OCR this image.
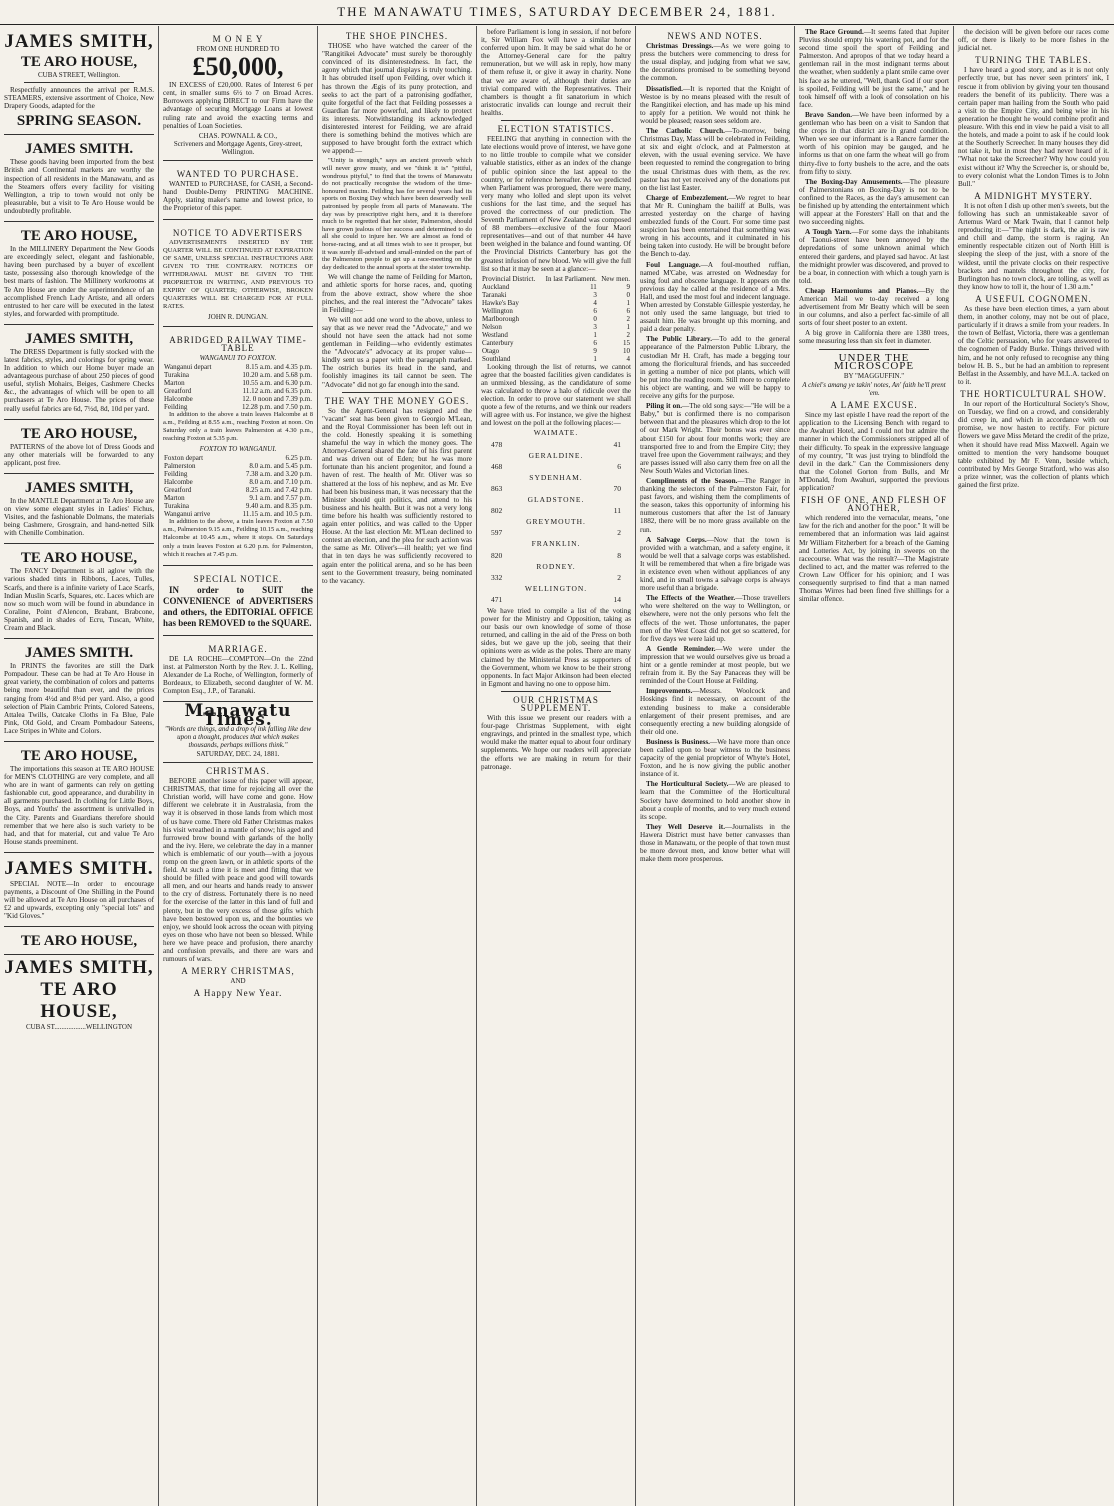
THE MANAWATU TIMES, SATURDAY DECEMBER 24, 1881.
JAMES SMITH,
TE ARO HOUSE,
CUBA STREET, Wellington.

Respectfully announces the arrival per R.M.S. STEAMERS, extensive assortment of Choice, New Drapery Goods, adapted for the

SPRING SEASON.
JAMES SMITH.

These goods having been imported from the best British and Continental markets are worthy the inspection of all residents in the Manawatu, and as the Steamers offers every facility for visiting Wellington, a trip to town would not only be pleasurable, but a visit to Te Aro House would be undoubtedly profitable.

TE ARO HOUSE,

In the MILLINERY Department the New Goods are exceedingly select, elegant and fashionable, having been purchased by a buyer of excellent taste, possessing also thorough knowledge of the best marts of fashion. The Millinery workrooms at Te Aro House are under the superintendence of an accomplished French Lady Artiste, and all orders entrusted to her care will be executed in the latest styles, and forwarded with promptitude.

JAMES SMITH,

The DRESS Department is fully stocked with the latest fabrics, styles, and colorings for spring wear. In addition to which our Home buyer made an advantageous purchase of about 250 pieces of good useful, stylish Mohairs, Beiges, Cashmere Checks &c., the advantages of which will be open to all purchasers at Te Aro House. The prices of these really useful fabrics are 6d, 7½d, 8d, 10d per yard.

TE ARO HOUSE,

PATTERNS of the above lot of Dress Goods and any other materials will be forwarded to any applicant, post free.

JAMES SMITH,

In the MANTLE Department at Te Aro House are on view some elegant styles in Ladies' Fichus, Visites, and the fashionable Dolmans, the materials being Cashmere, Grosgrain, and hand-netted Silk with Chenille Combination.

TE ARO HOUSE,

The FANCY Department is all aglow with the various shaded tints in Ribbons, Laces, Tulles, Scarfs, and there is a infinite variety of Lace Scarfs, Indian Muslin Scarfs, Squares, etc. Laces which are now so much worn will be found in abundance in Coraline, Point d'Alencon, Brabant, Brabcone, Spanish, and in shades of Ecru, Tuscan, White, Cream and Black.

JAMES SMITH.

In PRINTS the favorites are still the Dark Pompadour. These can be had at Te Aro House in great variety, the combination of colors and patterns being more beautiful than ever, and the prices ranging from 4½d and 8½d per yard. Also, a good selection of Plain Cambric Prints, Colored Sateens, Attalea Twills, Oatcake Cloths in Fa Blue, Pale Pink, Old Gold, and Cream Pombadour Sateens, Lace Stripes in White and Colors.

TE ARO HOUSE,

The importations this season at TE ARO HOUSE for MEN'S CLOTHING are very complete, and all who are in want of garments can rely on getting fashionable cut, good appearance, and durability in all garments purchased. In clothing for Little Boys, Boys, and Youths' the assortment is unrivalled in the City. Parents and Guardians therefore should remember that we here also is such variety to be had, and that for material, cut and value Te Aro House stands preeminent.

JAMES SMITH.

SPECIAL NOTE—In order to encourage payments, a Discount of One Shilling in the Pound will be allowed at Te Aro House on all purchases of £2 and upwards, excepting only "special lots" and "Kid Gloves."

TE ARO HOUSE,
JAMES SMITH,
TE ARO HOUSE,
CUBA ST..................WELLINGTON
M O N E Y
FROM ONE HUNDRED TO
£50,000,

IN EXCESS of £20,000. Rates of Interest 6 per cent, in smaller sums 6½ to 7 on Broad Acres. Borrowers applying DIRECT to our Firm have the advantage of securing Mortgage Loans at lowest ruling rate and avoid the exacting terms and penalties of Loan Societies.

CHAS. POWNALL & CO.,
Scriveners and Mortgage Agents, Grey-street, Wellington.
WANTED TO PURCHASE.

WANTED to PURCHASE, for CASH, a Second-hand Double-Demy PRINTING MACHINE. Apply, stating maker's name and lowest price, to the Proprietor of this paper.

NOTICE TO ADVERTISERS

ADVERTISEMENTS INSERTED BY THE QUARTER WILL BE CONTINUED AT EXPIRATION OF SAME, UNLESS SPECIAL INSTRUCTIONS ARE GIVEN TO THE CONTRARY. NOTICES OF WITHDRAWAL MUST BE GIVEN TO THE PROPRIETOR IN WRITING, AND PREVIOUS TO EXPIRY OF QUARTER; OTHERWISE, BROKEN QUARTERS WILL BE CHARGED FOR AT FULL RATES.

JOHN R. DUNGAN.
ABRIDGED RAILWAY TIME-TABLE
WANGANUI TO FOXTON.
Wanganui depart	8.15 a.m. and 4.35 p.m.
Turakina	10.20 a.m. and 5.68 p.m.
Marton	10.55 a.m. and 6.30 p.m.
Greatford	11.12 a.m. and 6.35 p.m.
Halcombe	12. 0 noon and 7.39 p.m.
Feilding	12.28 p.m. and 7.50 p.m.

In addition to the above a train leaves Halcombe at 8 a.m., Feilding at 8.55 a.m., reaching Foxton at noon. On Saturday only a train leaves Palmerston at 4.30 p.m., reaching Foxton at 5.35 p.m.

FOXTON TO WANGANUI.
Foxton depart	6.25 p.m.
Palmerston	8.0 a.m. and 5.45 p.m.
Feilding	7.38 a.m. and 3.20 p.m.
Halcombe	8.0 a.m. and 7.10 p.m.
Greatford	8.25 a.m. and 7.42 p.m.
Marton	9.1 a.m. and 7.57 p.m.
Turakina	9.40 a.m. and 8.35 p.m.
Wanganui arrive	11.15 a.m. and 10.5 p.m.

In addition to the above, a train leaves Foxton at 7.50 a.m., Palmerston 9.15 a.m., Feilding 10.15 a.m., reaching Halcombe at 10.45 a.m., where it stops. On Saturdays only a train leaves Foxton at 6.20 p.m. for Palmerston, which it reaches at 7.45 p.m.

SPECIAL NOTICE.

IN order to SUIT the CONVENIENCE of ADVERTISERS and others, the EDITORIAL OFFICE has been REMOVED to the SQUARE.

MARRIAGE.

DE LA ROCHE—COMPTON—On the 22nd inst. at Palmerston North by the Rev. J. L. Kelling, Alexander de La Roche, of Wellington, formerly of Bordeaux, to Elizabeth, second daughter of W. M. Compton Esq., J.P., of Taranaki.

Manawatu Times.
"Words are things, and a drop of ink falling like dew upon a thought, produces that which makes thousands, perhaps millions think."
SATURDAY, DEC. 24, 1881.
CHRISTMAS.

BEFORE another issue of this paper will appear, CHRISTMAS, that time for rejoicing all over the Christian world, will have come and gone. How different we celebrate it in Australasia, from the way it is observed in those lands from which most of us have come. There old Father Christmas makes his visit wreathed in a mantle of snow; his aged and furrowed brow bound with garlands of the holly and the ivy. Here, we celebrate the day in a manner which is emblematic of our youth—with a joyous romp on the green lawn, or in athletic sports of the field. At such a time it is meet and fitting that we should be filled with peace and good will towards all men, and our hearts and hands ready to answer to the cry of distress. Fortunately there is no need for the exercise of the latter in this land of full and plenty, but in the very excess of those gifts which have been bestowed upon us, and the bounties we enjoy, we should look across the ocean with pitying eyes on those who have not been so blessed. While here we have peace and profusion, there anarchy and confusion prevails, and there are wars and rumours of wars.

A MERRY CHRISTMAS,
AND
A Happy New Year.
THE SHOE PINCHES.

THOSE who have watched the career of the "Rangitikei Advocate" must surely be thoroughly convinced of its disinterestedness. In fact, the agony which that journal displays is truly touching. It has obtruded itself upon Feilding, over which it has thrown the Ægis of its puny protection, and seeks to act the part of a patronising godfather, quite forgetful of the fact that Feilding possesses a Guardian far more powerful, and likely to protect its interests. Notwithstanding its acknowledged disinterested interest for Feilding, we are afraid there is something behind the motives which are supposed to have brought forth the extract which we append:—

"Unity is strength," says an ancient proverb which will never grow musty, and we "think it is" "pitiful, wondrous pityful," to find that the towns of Manawatu do not practically recognise the wisdom of the time-honoured maxim. Feilding has for several years had its sports on Boxing Day which have been deservedly well patronised by people from all parts of Manawatu. The day was by prescriptive right hers, and it is therefore much to be regretted that her sister, Palmerston, should have grown jealous of her success and determined to do all she could to injure her. We are almost as fond of horse-racing, and at all times wish to see it prosper, but it was surely ill-advised and small-minded on the part of the Palmerston people to get up a race-meeting on the day dedicated to the annual sports at the sister township.

We will change the name of Feilding for Marton, and athletic sports for horse races, and, quoting from the above extract, show where the shoe pinches, and the real interest the "Advocate" takes in Feilding:—

We will not add one word to the above, unless to say that as we never read the "Advocate," and we should not have seen the attack had not some gentleman in Feilding—who evidently estimates the "Advocate's" advocacy at its proper value—kindly sent us a paper with the paragraph marked. The ostrich buries its head in the sand, and foolishly imagines its tail cannot be seen. The "Advocate" did not go far enough into the sand.

THE WAY THE MONEY GOES.

So the Agent-General has resigned and the "vacant" seat has been given to Georgio M'Lean, and the Royal Commissioner has been left out in the cold. Honestly speaking it is something shameful the way in which the money goes. The Attorney-General shared the fate of his first parent and was driven out of Eden; but he was more fortunate than his ancient progenitor, and found a haven of rest. The health of Mr. Oliver was so shattered at the loss of his nephew, and as Mr. Eve had been his business man, it was necessary that the Minister should quit politics, and attend to his business and his health. But it was not a very long time before his health was sufficiently restored to again enter politics, and was called to the Upper House. At the last election Mr. M'Lean declined to contest an election, and the plea for such action was the same as Mr. Oliver's—ill health; yet we find that in ten days he was sufficiently recovered to again enter the political arena, and so he has been sent to the Government treasury, being nominated to the vacancy.

before Parliament is long in session, if not before it, Sir William Fox will have a similar honor conferred upon him. It may be said what do he or the Attorney-General care for the paltry remuneration, but we will ask in reply, how many of them refuse it, or give it away in charity. None that we are aware of, although their duties are trivial compared with the Representatives. Their chambers is thought a fit sanatorium in which aristocratic invalids can lounge and recruit their healths.

ELECTION STATISTICS.

FEELING that anything in connection with the late elections would prove of interest, we have gone to no little trouble to compile what we consider valuable statistics, either as an index of the change of public opinion since the last appeal to the country, or for reference hereafter. As we predicted when Parliament was prorogued, there were many, very many who lolled and slept upon its velvet cushions for the last time, and the sequel has proved the correctness of our prediction. The Seventh Parliament of New Zealand was composed of 88 members—exclusive of the four Maori representatives—and out of that number 44 have been weighed in the balance and found wanting. Of the Provincial Districts Canterbury has got the greatest infusion of new blood. We will give the full list so that it may be seen at a glance:—

Provincial District.	In last Parliament.	New men.
Auckland	11	9
Taranaki	3	0
Hawke's Bay	4	1
Wellington	6	6
Marlborough	0	2
Nelson	3	1
Westland	1	2
Canterbury	6	15
Otago	9	10
Southland	1	4

Looking through the list of returns, we cannot agree that the boasted facilities given candidates is an unmixed blessing, as the candidature of some was calculated to throw a halo of ridicule over the election. In order to prove our statement we shall quote a few of the returns, and we think our readers will agree with us. For instance, we give the highest and lowest on the poll at the following places:—

WAIMATE.
478	41
GERALDINE.
468	6
SYDENHAM.
863	70
GLADSTONE.
802	11
GREYMOUTH.
597	2
FRANKLIN.
820	8
RODNEY.
332	2
WELLINGTON.
471	14

We have tried to compile a list of the voting power for the Ministry and Opposition, taking as our basis our own knowledge of some of those returned, and calling in the aid of the Press on both sides, but we gave up the job, seeing that their opinions were as wide as the poles. There are many claimed by the Ministerial Press as supporters of the Government, whom we know to be their strong opponents. In fact Major Atkinson had been elected in Egmont and having no one to oppose him.

OUR CHRISTMAS SUPPLEMENT.

With this issue we present our readers with a four-page Christmas Supplement, with eight engravings, and printed in the smallest type, which would make the matter equal to about four ordinary supplements. We hope our readers will appreciate the efforts we are making in return for their patronage.

NEWS AND NOTES.

Christmas Dressings.—As we were going to press the butchers were commencing to dress for the usual display, and judging from what we saw, the decorations promised to be something beyond the common.

Dissatisfied.—It is reported that the Knight of Westoe is by no means pleased with the result of the Rangitikei election, and has made up his mind to apply for a petition. We would not think he would be pleased; reason sees seldom are.

The Catholic Church.—To-morrow, being Christmas Day, Mass will be celebrated in Feilding, at six and eight o'clock, and at Palmerston at eleven, with the usual evening service. We have been requested to remind the congregation to bring the usual Christmas dues with them, as the rev. pastor has not yet received any of the donations put on the list last Easter.

Charge of Embezzlement.—We regret to hear that Mr R. Cuningham the bailiff at Bulls, was arrested yesterday on the charge of having embezzled funds of the Court. For some time past suspicion has been entertained that something was wrong in his accounts, and it culminated in his being taken into custody. He will be brought before the Bench to-day.

Foul Language.—A foul-mouthed ruffian, named M'Cabe, was arrested on Wednesday for using foul and obscene language. It appears on the previous day he called at the residence of a Mrs. Hall, and used the most foul and indecent language. When arrested by Constable Gillespie yesterday, he not only used the same language, but tried to assault him. He was brought up this morning, and paid a dear penalty.

The Public Library.—To add to the general appearance of the Palmerston Public Library, the custodian Mr H. Craft, has made a begging tour among the floricultural friends, and has succeeded in getting a number of nice pot plants, which will be put into the reading room. Still more to complete his object are wanting, and we will be happy to receive any gifts for the purpose.

Piling it on.—The old song says:—"He will be a Baby," but is confirmed there is no comparison between that and the pleasures which drop to the lot of our Mark Wright. Their bonus was ever since about £150 for about four months work; they are transported free to and from the Empire City; they travel free upon the Government railways; and they are passes issued will also carry them free on all the New South Wales and Victorian lines.

Compliments of the Season.—The Ranger in thanking the selectors of the Palmerston Fair, for past favors, and wishing them the compliments of the season, takes this opportunity of informing his numerous customers that after the 1st of January 1882, there will be no more grass available on the run.

A Salvage Corps.—Now that the town is provided with a watchman, and a safety engine, it would be well that a salvage corps was established. It will be remembered that when a fire brigade was in existence even when without appliances of any kind, and in small towns a salvage corps is always more useful than a brigade.

The Effects of the Weather.—Those travellers who were sheltered on the way to Wellington, or elsewhere, were not the only persons who felt the effects of the wet. Those unfortunates, the paper men of the West Coast did not get so scattered, for for five days we were laid up.

A Gentle Reminder.—We were under the impression that we would ourselves give us broad a hint or a gentle reminder at most people, but we refrain from it. By the Say Panaceas they will be reminded of the Court House at Feilding.

Improvements.—Messrs. Woolcock and Hoskings find it necessary, on account of the extending business to make a considerable enlargement of their present premises, and are consequently erecting a new building alongside of their old one.

Business is Business.—We have more than once been called upon to bear witness to the business capacity of the genial proprietor of Whyte's Hotel, Foxton, and he is now giving the public another instance of it.

The Horticultural Society.—We are pleased to learn that the Committee of the Horticultural Society have determined to hold another show in about a couple of months, and to very much extend its scope.

They Well Deserve it.—Journalists in the Hawera District must have better canvasses than those in Manawatu, or the people of that town must be more devout men, and know better what will make them more prosperous.

The Race Ground.—It seems fated that Jupiter Pluvius should empty his watering pot, and for the second time spoil the sport of Feilding and Palmerston. And apropos of that we today heard a gentleman rail in the most indignant terms about the weather, when suddenly a plant smile came over his face as he uttered, "Well, thank God if our sport is spoiled, Feilding will be just the same," and he took himself off with a look of consolation on his face.

Bravo Sandon.—We have been informed by a gentleman who has been on a visit to Sandon that the crops in that district are in grand condition. When we see our informant is a Rancre farmer the worth of his opinion may be gauged, and he informs us that on one farm the wheat will go from thirty-five to forty bushels to the acre, and the oats from fifty to sixty.

The Boxing-Day Amusements.—The pleasure of Palmerstonians on Boxing-Day is not to be confined to the Races, as the day's amusement can be finished up by attending the entertainment which will appear at the Foresters' Hall on that and the two succeeding nights.

A Tough Yarn.—For some days the inhabitants of Taonui-street have been annoyed by the depredations of some unknown animal which entered their gardens, and played sad havoc. At last the midnight prowler was discovered, and proved to be a boar, in connection with which a tough yarn is told.

Cheap Harmoniums and Pianos.—By the American Mail we to-day received a long advertisement from Mr Beatty which will be seen in our columns, and also a perfect fac-simile of all sorts of four sheet poster to an extent.

A big grove in California there are 1380 trees, some measuring less than six feet in diameter.

UNDER THE MICROSCOPE
BY "MAGGUFFIN."
A chiel's amang ye takin' notes, An' faith he'll prent 'em.
A LAME EXCUSE.

Since my last epistle I have read the report of the application to the Licensing Bench with regard to the Awahuri Hotel, and I could not but admire the manner in which the Commissioners stripped all of their difficulty. To speak in the expressive language of my country, "It was just trying to blindfold the devil in the dark." Can the Commissioners deny that the Colonel Gorton from Bulls, and Mr M'Donald, from Awahuri, supported the previous application?

FISH OF ONE, AND FLESH OF ANOTHER,

which rendered into the vernacular, means, "one law for the rich and another for the poor." It will be remembered that an information was laid against Mr William Fitzherbert for a breach of the Gaming and Lotteries Act, by joining in sweeps on the racecourse. What was the result?—The Magistrate declined to act, and the matter was referred to the Crown Law Officer for his opinion; and I was consequently surprised to find that a man named Thomas Wirres had been fined five shillings for a similar offence.

the decision will be given before our races come off, or there is likely to be more fishes in the judicial net.

TURNING THE TABLES.

I have heard a good story, and as it is not only perfectly true, but has never seen printers' ink, I rescue it from oblivion by giving your ten thousand readers the benefit of its publicity. There was a certain paper man hailing from the South who paid a visit to the Empire City, and being wise in his generation he thought he would combine profit and pleasure. With this end in view he paid a visit to all the hotels, and made a point to ask if he could look at the Southerly Screecher. In many houses they did not take it, but in most they had never heard of it. "What not take the Screecher? Why how could you exist without it? Why the Screecher is, or should be, to every colonist what the London Times is to John Bull."

A MIDNIGHT MYSTERY.

It is not often I dish up other men's sweets, but the following has such an unmistakeable savor of Artemus Ward or Mark Twain, that I cannot help reproducing it:—"The night is dark, the air is raw and chill and damp, the storm is raging. An eminently respectable citizen out of North Hill is sleeping the sleep of the just, with a snore of the wildest, until the private clocks on their respective brackets and mantels throughout the city, for Burlington has no town clock, are tolling, as well as they know how to toll it, the hour of 1.30 a.m."

A USEFUL COGNOMEN.

As these have been election times, a yarn about them, in another colony, may not be out of place, particularly if it draws a smile from your readers. In the town of Belfast, Victoria, there was a gentleman of the Celtic persuasion, who for years answered to the cognomen of Paddy Burke. Things thrived with him, and he not only refused to recognise any thing below H. B. S., but he had an ambition to represent Belfast in the Assembly, and have M.L.A. tacked on to it.

THE HORTICULTURAL SHOW.

In our report of the Horticultural Society's Show, on Tuesday, we find on a crowd, and considerably did creep in, and which in accordance with our promise, we now hasten to rectify. For picture flowers we gave Miss Metard the credit of the prize, when it should have read Miss Maxwell. Again we omitted to mention the very handsome bouquet table exhibited by Mr F. Venn, beside which, contributed by Mrs George Stratford, who was also a prize winner, was the collection of plants which gained the first prize.
